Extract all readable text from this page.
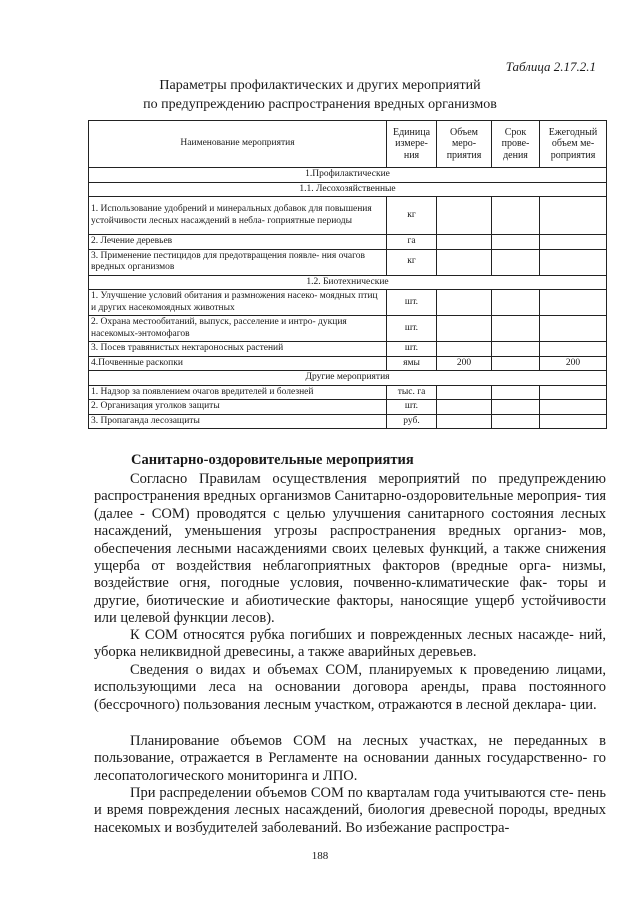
Таблица 2.17.2.1
Параметры профилактических и других мероприятий
по предупреждению распространения вредных организмов
Наименование мероприятия	Единица измере- ния	Объем меро- приятия	Срок прове- дения	Ежегодный объем ме- роприятия
1.Профилактические				
1.1. Лесохозяйственные				
1. Использование удобрений и минеральных добавок для повышения устойчивости лесных насаждений в небла- гоприятные периоды	кг			
2. Лечение деревьев	га			
3. Применение пестицидов для предотвращения появле- ния очагов вредных организмов	кг			
1.2. Биотехнические				
1. Улучшение условий обитания и размножения насеко- моядных птиц и других насекомоядных животных	шт.			
2. Охрана местообитаний, выпуск, расселение и интро- дукция насекомых-энтомофагов	шт.			
3. Посев травянистых нектароносных растений	шт.			
4.Почвенные раскопки	ямы	200		200
Другие мероприятия				
1. Надзор за появлением очагов вредителей и болезней	тыс. га			
2. Организация уголков защиты	шт.			
3. Пропаганда лесозащиты	руб.			
Санитарно-оздоровительные мероприятия

Согласно Правилам осуществления мероприятий по предупреждению распространения вредных организмов Санитарно-оздоровительные мероприя- тия (далее - СОМ) проводятся с целью улучшения санитарного состояния лесных насаждений, уменьшения угрозы распространения вредных организ- мов, обеспечения лесными насаждениями своих целевых функций, а также снижения ущерба от воздействия неблагоприятных факторов (вредные орга- низмы, воздействие огня, погодные условия, почвенно-климатические фак- торы и другие, биотические и абиотические факторы, наносящие ущерб устойчивости или целевой функции лесов).

К СОМ относятся рубка погибших и поврежденных лесных насажде- ний, уборка неликвидной древесины, а также аварийных деревьев.

Сведения о видах и объемах СОМ, планируемых к проведению лицами, использующими леса на основании договора аренды, права постоянного (бессрочного) пользования лесным участком, отражаются в лесной деклара- ции.

Планирование объемов СОМ на лесных участках, не переданных в пользование, отражается в Регламенте на основании данных государственно- го лесопатологического мониторинга и ЛПО.

При распределении объемов СОМ по кварталам года учитываются сте- пень и время повреждения лесных насаждений, биология древесной породы, вредных насекомых и возбудителей заболеваний. Во избежание распростра-

188
